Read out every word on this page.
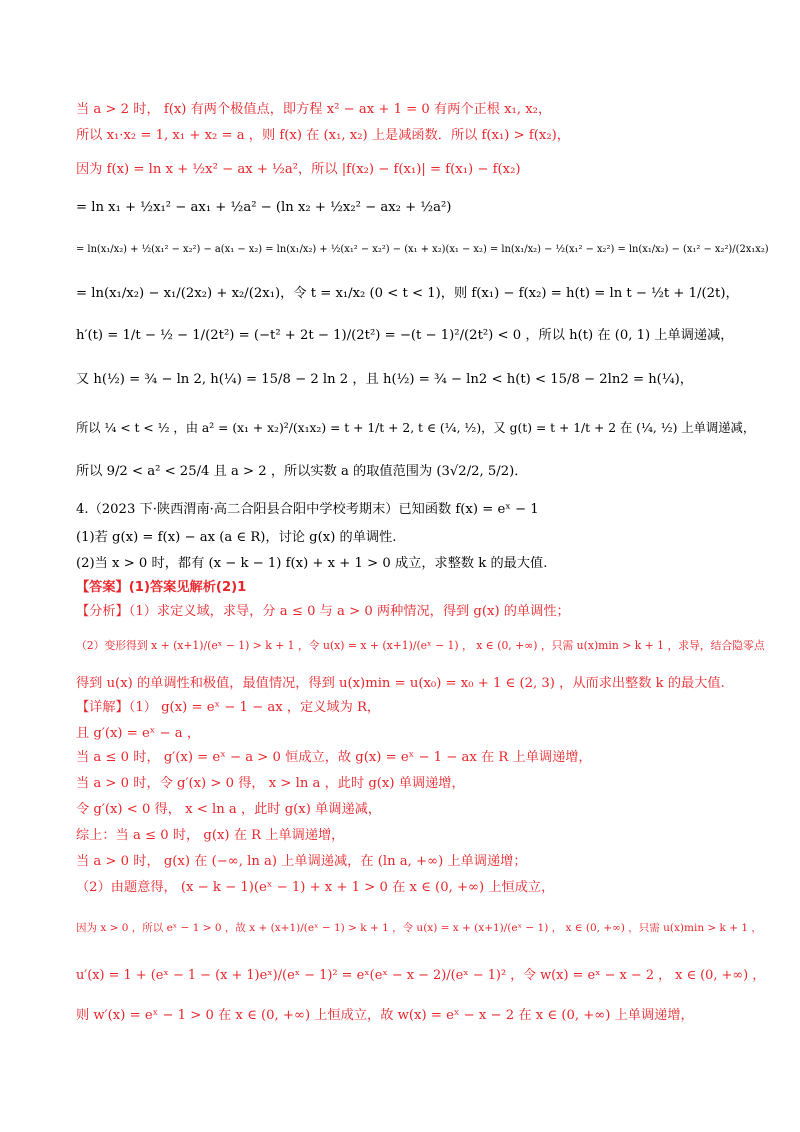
当 a > 2 时， f(x) 有两个极值点，即方程 x² − ax + 1 = 0 有两个正根 x₁, x₂，
所以 x₁·x₂ = 1, x₁ + x₂ = a ，则 f(x) 在 (x₁, x₂) 上是减函数．所以 f(x₁) > f(x₂)，
因为 f(x) = ln x + ½x² − ax + ½a²，所以 |f(x₂) − f(x₁)| = f(x₁) − f(x₂)
= ln x₁ + ½x₁² − ax₁ + ½a² − (ln x₂ + ½x₂² − ax₂ + ½a²)
= ln(x₁/x₂) + ½(x₁² − x₂²) − a(x₁ − x₂) = ln(x₁/x₂) + ½(x₁² − x₂²) − (x₁ + x₂)(x₁ − x₂) = ln(x₁/x₂) − ½(x₁² − x₂²) = ln(x₁/x₂) − (x₁² − x₂²)/(2x₁x₂)
= ln(x₁/x₂) − x₁/(2x₂) + x₂/(2x₁)，令 t = x₁/x₂ (0 < t < 1)，则 f(x₁) − f(x₂) = h(t) = ln t − ½t + 1/(2t)，
h′(t) = 1/t − ½ − 1/(2t²) = (−t² + 2t − 1)/(2t²) = −(t − 1)²/(2t²) < 0 ，所以 h(t) 在 (0, 1) 上单调递减，
又 h(½) = ¾ − ln 2, h(¼) = 15/8 − 2 ln 2 ，且 h(½) = ¾ − ln2 < h(t) < 15/8 − 2ln2 = h(¼)，
所以 ¼ < t < ½ ，由 a² = (x₁ + x₂)²/(x₁x₂) = t + 1/t + 2, t ∈ (¼, ½)，又 g(t) = t + 1/t + 2 在 (¼, ½) 上单调递减，
所以 9/2 < a² < 25/4 且 a > 2 ，所以实数 a 的取值范围为 (3√2/2, 5/2)．
4.（2023 下·陕西渭南·高二合阳县合阳中学校考期末）已知函数 f(x) = eˣ − 1
(1)若 g(x) = f(x) − ax (a ∈ R)，讨论 g(x) 的单调性.
(2)当 x > 0 时，都有 (x − k − 1) f(x) + x + 1 > 0 成立，求整数 k 的最大值.
【答案】(1)答案见解析(2)1
【分析】（1）求定义域，求导，分 a ≤ 0 与 a > 0 两种情况，得到 g(x) 的单调性；
（2）变形得到 x + (x+1)/(eˣ − 1) > k + 1 ，令 u(x) = x + (x+1)/(eˣ − 1) ， x ∈ (0, +∞) ，只需 u(x)min > k + 1 ，求导，结合隐零点
得到 u(x) 的单调性和极值，最值情况，得到 u(x)min = u(x₀) = x₀ + 1 ∈ (2, 3) ，从而求出整数 k 的最大值.
【详解】（1） g(x) = eˣ − 1 − ax ，定义域为 R，
且 g′(x) = eˣ − a ，
当 a ≤ 0 时， g′(x) = eˣ − a > 0 恒成立，故 g(x) = eˣ − 1 − ax 在 R 上单调递增，
当 a > 0 时，令 g′(x) > 0 得， x > ln a ，此时 g(x) 单调递增，
令 g′(x) < 0 得， x < ln a ，此时 g(x) 单调递减，
综上：当 a ≤ 0 时， g(x) 在 R 上单调递增，
当 a > 0 时， g(x) 在 (−∞, ln a) 上单调递减，在 (ln a, +∞) 上单调递增；
（2）由题意得， (x − k − 1)(eˣ − 1) + x + 1 > 0 在 x ∈ (0, +∞) 上恒成立，
因为 x > 0 ，所以 eˣ − 1 > 0 ，故 x + (x+1)/(eˣ − 1) > k + 1 ，令 u(x) = x + (x+1)/(eˣ − 1) ， x ∈ (0, +∞) ，只需 u(x)min > k + 1 ，
u′(x) = 1 + (eˣ − 1 − (x + 1)eˣ)/(eˣ − 1)² = eˣ(eˣ − x − 2)/(eˣ − 1)² ，令 w(x) = eˣ − x − 2 ， x ∈ (0, +∞) ，
则 w′(x) = eˣ − 1 > 0 在 x ∈ (0, +∞) 上恒成立，故 w(x) = eˣ − x − 2 在 x ∈ (0, +∞) 上单调递增，
